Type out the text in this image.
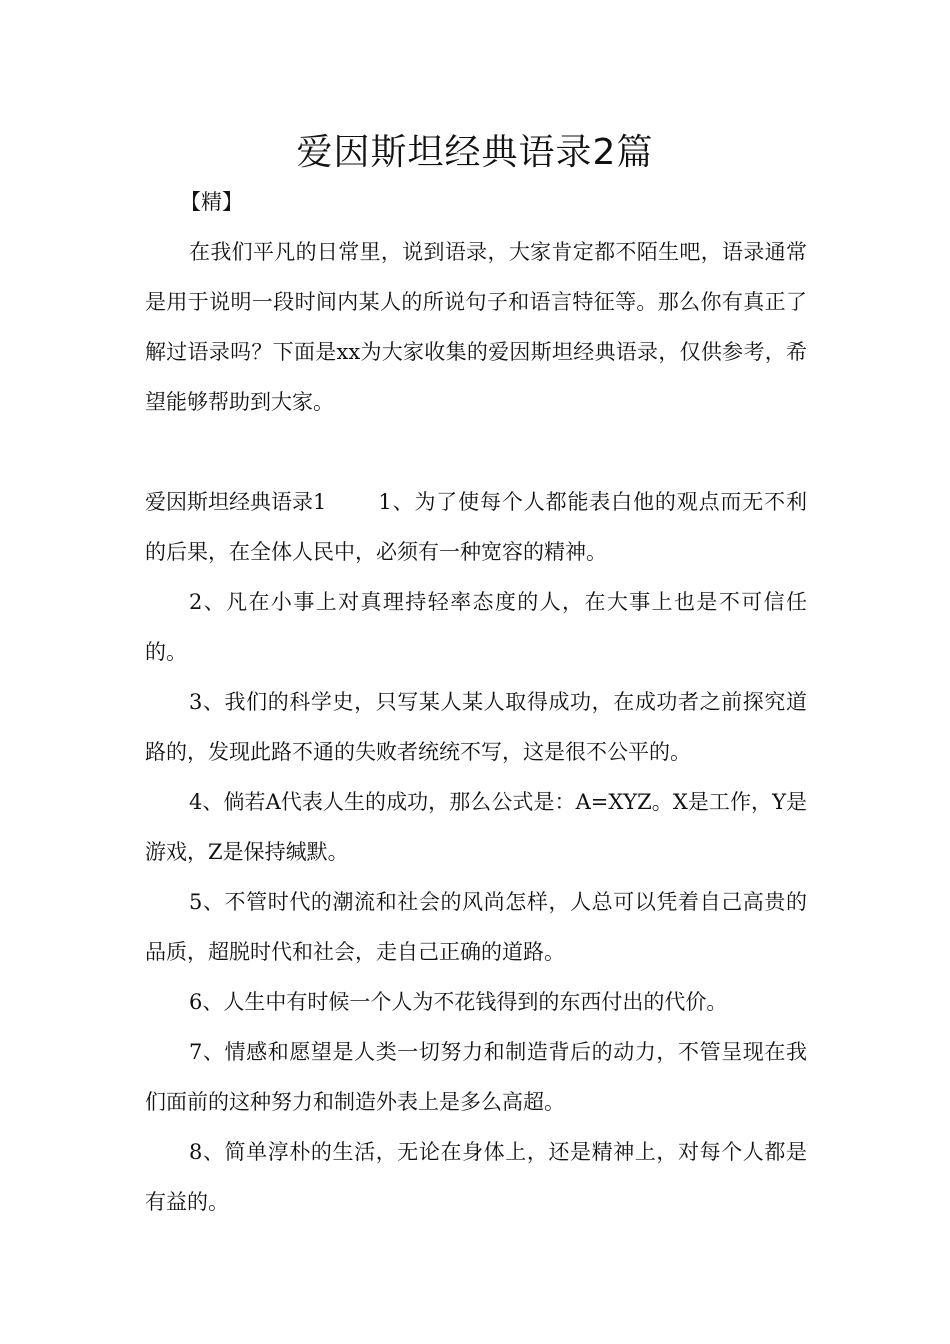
爱因斯坦经典语录2篇
【精】

在我们平凡的日常里，说到语录，大家肯定都不陌生吧，语录通常是用于说明一段时间内某人的所说句子和语言特征等。那么你有真正了解过语录吗？下面是xx为大家收集的爱因斯坦经典语录，仅供参考，希望能够帮助到大家。

爱因斯坦经典语录1 1、为了使每个人都能表白他的观点而无不利的后果，在全体人民中，必须有一种宽容的精神。

2、凡在小事上对真理持轻率态度的人，在大事上也是不可信任的。

3、我们的科学史，只写某人某人取得成功，在成功者之前探究道路的，发现此路不通的失败者统统不写，这是很不公平的。

4、倘若A代表人生的成功，那么公式是：A=XYZ。X是工作，Y是游戏，Z是保持缄默。

5、不管时代的潮流和社会的风尚怎样，人总可以凭着自己高贵的品质，超脱时代和社会，走自己正确的道路。

6、人生中有时候一个人为不花钱得到的东西付出的代价。

7、情感和愿望是人类一切努力和制造背后的动力，不管呈现在我们面前的这种努力和制造外表上是多么高超。

8、简单淳朴的生活，无论在身体上，还是精神上，对每个人都是有益的。
